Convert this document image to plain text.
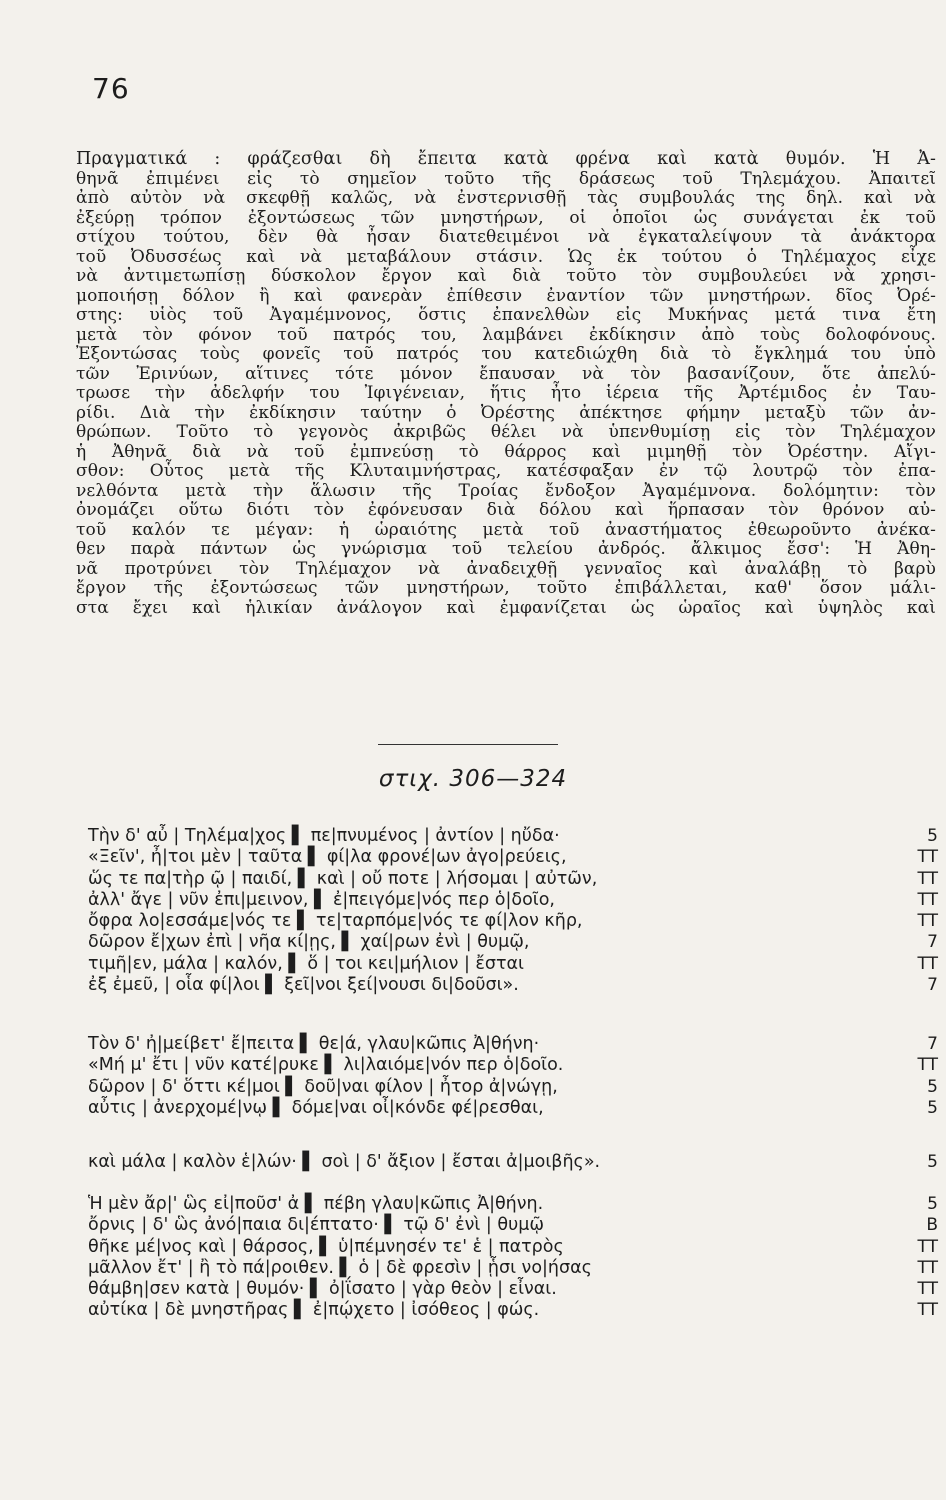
76
Πραγματικά : φράζεσθαι δὴ ἔπειτα κατὰ φρένα καὶ κατὰ θυμόν. Ἡ Ἀ-
θηνᾶ ἐπιμένει εἰς τὸ σημεῖον τοῦτο τῆς δράσεως τοῦ Τηλεμάχου. Ἀπαιτεῖ
ἀπὸ αὐτὸν νὰ σκεφθῇ καλῶς, νὰ ἐνστερνισθῇ τὰς συμβουλάς της δηλ. καὶ νὰ
ἐξεύρῃ τρόπον ἐξοντώσεως τῶν μνηστήρων, οἱ ὁποῖοι ὡς συνάγεται ἐκ τοῦ
στίχου τούτου, δὲν θὰ ἦσαν διατεθειμένοι νὰ ἐγκαταλείψουν τὰ ἀνάκτορα
τοῦ Ὀδυσσέως καὶ νὰ μεταβάλουν στάσιν. Ὡς ἐκ τούτου ὁ Τηλέμαχος εἶχε
νὰ ἀντιμετωπίσῃ δύσκολον ἔργον καὶ διὰ τοῦτο τὸν συμβουλεύει νὰ χρησι-
μοποιήσῃ δόλον ἢ καὶ φανερὰν ἐπίθεσιν ἐναντίον τῶν μνηστήρων. δῖος Ὀρέ-
στης: υἱὸς τοῦ Ἀγαμέμνονος, ὅστις ἐπανελθὼν εἰς Μυκήνας μετά τινα ἔτη
μετὰ τὸν φόνον τοῦ πατρός του, λαμβάνει ἐκδίκησιν ἀπὸ τοὺς δολοφόνους.
Ἐξοντώσας τοὺς φονεῖς τοῦ πατρός του κατεδιώχθη διὰ τὸ ἔγκλημά του ὑπὸ
τῶν Ἐρινύων, αἵτινες τότε μόνον ἔπαυσαν νὰ τὸν βασανίζουν, ὅτε ἀπελύ-
τρωσε τὴν ἀδελφήν του Ἰφιγένειαν, ἥτις ἦτο ἱέρεια τῆς Ἀρτέμιδος ἐν Ταυ-
ρίδι. Διὰ τὴν ἐκδίκησιν ταύτην ὁ Ὀρέστης ἀπέκτησε φήμην μεταξὺ τῶν ἀν-
θρώπων. Τοῦτο τὸ γεγονὸς ἀκριβῶς θέλει νὰ ὑπενθυμίσῃ εἰς τὸν Τηλέμαχον
ἡ Ἀθηνᾶ διὰ νὰ τοῦ ἐμπνεύσῃ τὸ θάρρος καὶ μιμηθῇ τὸν Ὀρέστην. Αἴγι-
σθον: Οὗτος μετὰ τῆς Κλυταιμνήστρας, κατέσφαξαν ἐν τῷ λουτρῷ τὸν ἐπα-
νελθόντα μετὰ τὴν ἅλωσιν τῆς Τροίας ἔνδοξον Ἀγαμέμνονα. δολόμητιν: τὸν
ὀνομάζει οὕτω διότι τὸν ἐφόνευσαν διὰ δόλου καὶ ἥρπασαν τὸν θρόνον αὐ-
τοῦ καλόν τε μέγαν: ἡ ὡραιότης μετὰ τοῦ ἀναστήματος ἐθεωροῦντο ἀνέκα-
θεν παρὰ πάντων ὡς γνώρισμα τοῦ τελείου ἀνδρός. ἄλκιμος ἔσσ': Ἡ Ἀθη-
νᾶ προτρύνει τὸν Τηλέμαχον νὰ ἀναδειχθῇ γενναῖος καὶ ἀναλάβῃ τὸ βαρὺ
ἔργον τῆς ἐξοντώσεως τῶν μνηστήρων, τοῦτο ἐπιβάλλεται, καθ' ὅσον μάλι-
στα ἔχει καὶ ἡλικίαν ἀνάλογον καὶ ἐμφανίζεται ὡς ὡραῖος καὶ ὑψηλὸς καὶ
στιχ. 306—324
Τὴν δ' αὖ | Τηλέμα|χος ▌ πε|πνυμένος | ἀντίον | ηὔδα·	5
«Ξεῖν', ἦ|τοι μὲν | ταῦτα ▌ φί|λα φρονέ|ων ἀγο|ρεύεις,	TT
ὥς τε πα|τὴρ ῷ | παιδί, ▌ καὶ | οὔ ποτε | λήσομαι | αὐτῶν,	TT
ἀλλ' ἄγε | νῦν ἐπι|μεινον, ▌ ἐ|πειγόμε|νός περ ὁ|δοῖο,	TT
ὄφρα λο|εσσάμε|νός τε ▌ τε|ταρπόμε|νός τε φί|λον κῆρ,	TT
δῶρον ἔ|χων ἐπὶ | νῆα κί|ῃς, ▌ χαί|ρων ἐνὶ | θυμῷ,	7
τιμῆ|εν, μάλα | καλόν, ▌ ὅ | τοι κει|μήλιον | ἔσται	TT
ἐξ ἐμεῦ, | οἷα φί|λοι ▌ ξεῖ|νοι ξεί|νουσι δι|δοῦσι».	7
Τὸν δ' ἠ|μείβετ' ἔ|πειτα ▌ θε|ά, γλαυ|κῶπις Ἀ|θήνη·	7
«Μή μ' ἔτι | νῦν κατέ|ρυκε ▌ λι|λαιόμε|νόν περ ὁ|δοῖο.	TT
δῶρον | δ' ὅττι κέ|μοι ▌ δοῦ|ναι φίλον | ἦτορ ἀ|νώγῃ,	5
αὖτις | ἀνερχομέ|νῳ ▌ δόμε|ναι οἶ|κόνδε φέ|ρεσθαι,	5
καὶ μάλα | καλὸν ἑ|λών· ▌ σοὶ | δ' ἄξιον | ἔσται ἀ|μοιβῆς».	5
Ἡ μὲν ἄρ|' ὣς εἰ|ποῦσ' ἀ ▌ πέβη γλαυ|κῶπις Ἀ|θήνη.	5
ὄρνις | δ' ὣς ἀνό|παια δι|έπτατο· ▌ τῷ δ' ἐνὶ | θυμῷ	B
θῆκε μέ|νος καὶ | θάρσος, ▌ ὑ|πέμνησέν τε' ἑ | πατρὸς	TT
μᾶλλον ἔτ' | ἢ τὸ πά|ροιθεν. ▌ ὁ | δὲ φρεσὶν | ᾗσι νο|ήσας	TT
θάμβη|σεν κατὰ | θυμόν· ▌ ὀ|ΐσατο | γὰρ θεὸν | εἶναι.	TT
αὐτίκα | δὲ μνηστῆρας ▌ ἐ|πῴχετο | ἰσόθεος | φώς.	TT
